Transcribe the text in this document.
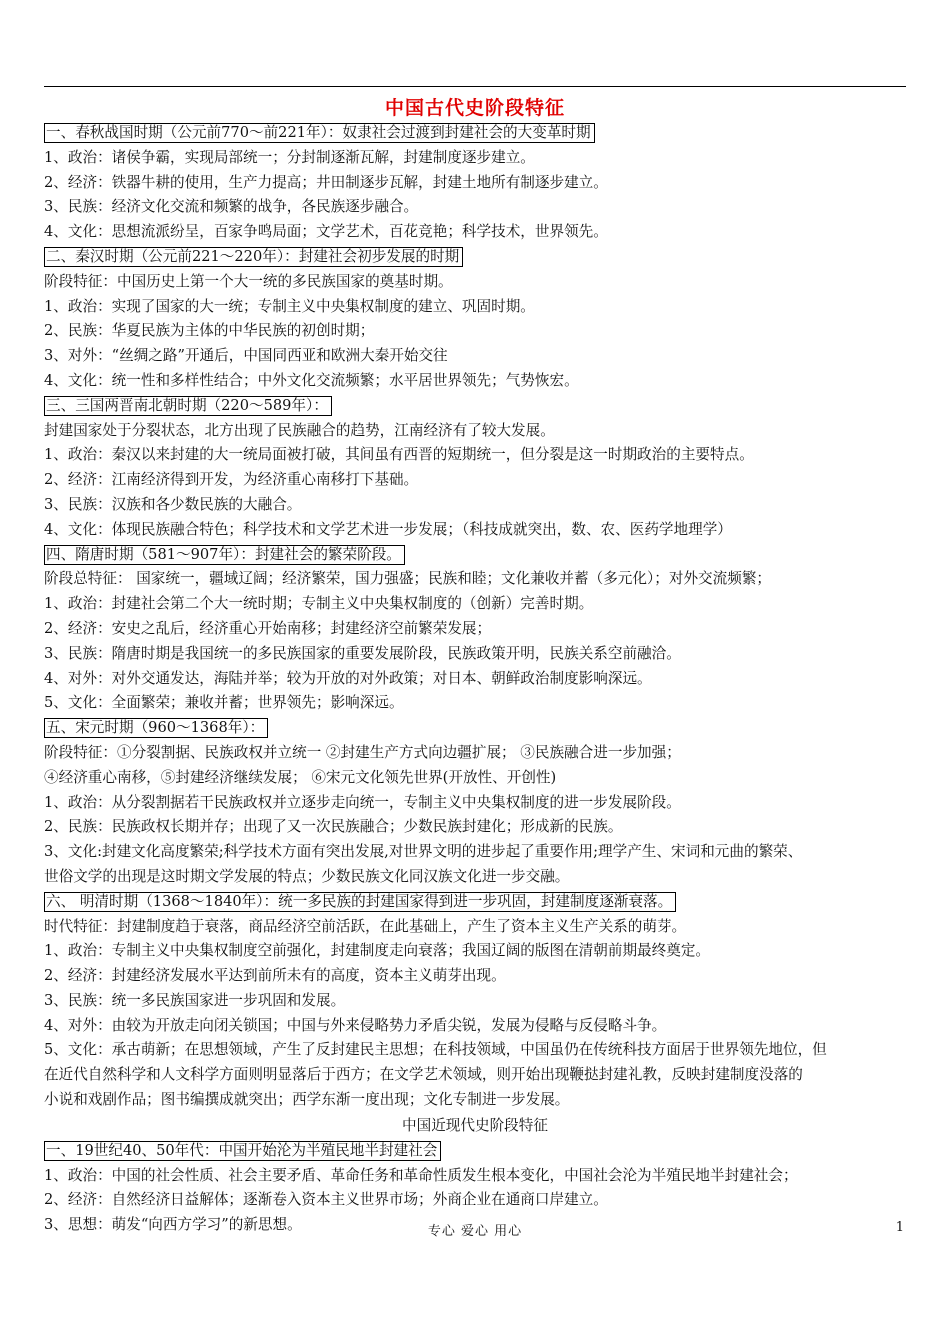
中国古代史阶段特征
一、春秋战国时期（公元前770～前221年）：奴隶社会过渡到封建社会的大变革时期
1、政治：诸侯争霸，实现局部统一；分封制逐渐瓦解，封建制度逐步建立。
2、经济：铁器牛耕的使用，生产力提高；井田制逐步瓦解，封建土地所有制逐步建立。
3、民族：经济文化交流和频繁的战争，各民族逐步融合。
4、文化：思想流派纷呈，百家争鸣局面；文学艺术，百花竞艳；科学技术，世界领先。
二、秦汉时期（公元前221～220年）：封建社会初步发展的时期
阶段特征：中国历史上第一个大一统的多民族国家的奠基时期。
1、政治：实现了国家的大一统；专制主义中央集权制度的建立、巩固时期。
2、民族：华夏民族为主体的中华民族的初创时期；
3、对外：“丝绸之路”开通后，中国同西亚和欧洲大秦开始交往
4、文化：统一性和多样性结合；中外文化交流频繁；水平居世界领先；气势恢宏。
三、三国两晋南北朝时期（220～589年）：
封建国家处于分裂状态，北方出现了民族融合的趋势，江南经济有了较大发展。
1、政治：秦汉以来封建的大一统局面被打破，其间虽有西晋的短期统一，但分裂是这一时期政治的主要特点。
2、经济：江南经济得到开发，为经济重心南移打下基础。
3、民族：汉族和各少数民族的大融合。
4、文化：体现民族融合特色；科学技术和文学艺术进一步发展；（科技成就突出，数、农、医药学地理学）
四、隋唐时期（581～907年）：封建社会的繁荣阶段。
阶段总特征： 国家统一，疆域辽阔；经济繁荣，国力强盛；民族和睦；文化兼收并蓄（多元化）；对外交流频繁；
1、政治：封建社会第二个大一统时期；专制主义中央集权制度的（创新）完善时期。
2、经济：安史之乱后，经济重心开始南移；封建经济空前繁荣发展；
3、民族：隋唐时期是我国统一的多民族国家的重要发展阶段，民族政策开明，民族关系空前融洽。
4、对外：对外交通发达，海陆并举；较为开放的对外政策；对日本、朝鲜政治制度影响深远。
5、文化：全面繁荣；兼收并蓄；世界领先；影响深远。
五、宋元时期（960～1368年）：
阶段特征：①分裂割据、民族政权并立统一 ②封建生产方式向边疆扩展； ③民族融合进一步加强；
④经济重心南移，⑤封建经济继续发展； ⑥宋元文化领先世界(开放性、开创性)
1、政治：从分裂割据若干民族政权并立逐步走向统一，专制主义中央集权制度的进一步发展阶段。
2、民族：民族政权长期并存；出现了又一次民族融合；少数民族封建化；形成新的民族。
3、文化:封建文化高度繁荣;科学技术方面有突出发展,对世界文明的进步起了重要作用;理学产生、宋词和元曲的繁荣、
世俗文学的出现是这时期文学发展的特点；少数民族文化同汉族文化进一步交融。
六、 明清时期（1368～1840年）：统一多民族的封建国家得到进一步巩固，封建制度逐渐衰落。
时代特征：封建制度趋于衰落，商品经济空前活跃，在此基础上，产生了资本主义生产关系的萌芽。
1、政治：专制主义中央集权制度空前强化，封建制度走向衰落；我国辽阔的版图在清朝前期最终奠定。
2、经济：封建经济发展水平达到前所未有的高度，资本主义萌芽出现。
3、民族：统一多民族国家进一步巩固和发展。
4、对外：由较为开放走向闭关锁国；中国与外来侵略势力矛盾尖锐，发展为侵略与反侵略斗争。
5、文化：承古萌新；在思想领域，产生了反封建民主思想；在科技领域，中国虽仍在传统科技方面居于世界领先地位，但
在近代自然科学和人文科学方面则明显落后于西方；在文学艺术领域，则开始出现鞭挞封建礼教，反映封建制度没落的
小说和戏剧作品；图书编撰成就突出；西学东渐一度出现；文化专制进一步发展。
中国近现代史阶段特征
一、19世纪40、50年代：中国开始沦为半殖民地半封建社会
1、政治：中国的社会性质、社会主要矛盾、革命任务和革命性质发生根本变化，中国社会沦为半殖民地半封建社会；
2、经济：自然经济日益解体；逐渐卷入资本主义世界市场；外商企业在通商口岸建立。
3、思想：萌发“向西方学习”的新思想。	专心 爱心 用心	1
